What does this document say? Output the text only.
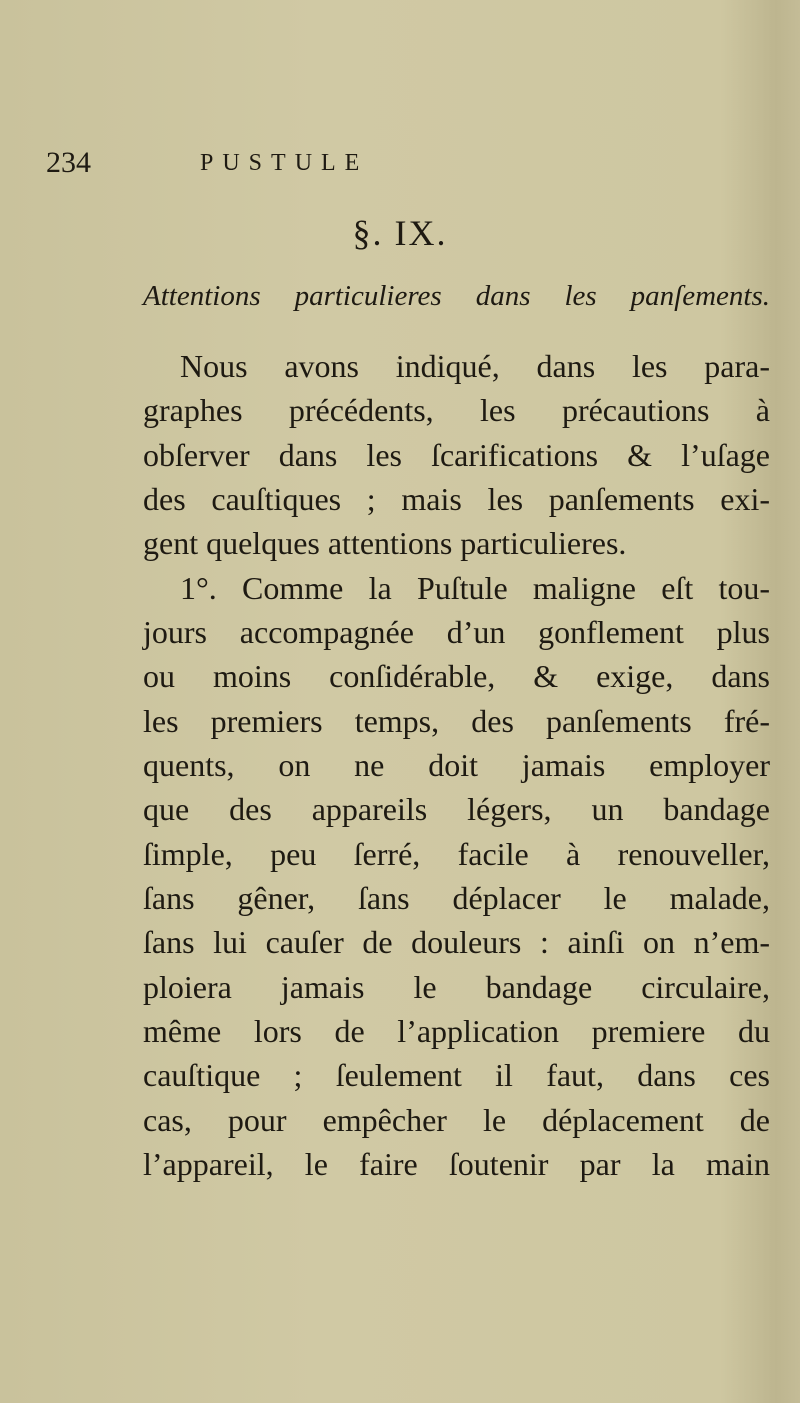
234	PUSTULE
§. IX.
Attentions particulieres dans les panſements.
Nous avons indiqué, dans les para-
graphes précédents, les précautions à
obſerver dans les ſcarifications & l’uſage
des cauſtiques ; mais les panſements exi-
gent quelques attentions particulieres.
1°. Comme la Puſtule maligne eſt tou-
jours accompagnée d’un gonflement plus
ou moins conſidérable, & exige, dans
les premiers temps, des panſements fré-
quents, on ne doit jamais employer
que des appareils légers, un bandage
ſimple, peu ſerré, facile à renouveller,
ſans gêner, ſans déplacer le malade,
ſans lui cauſer de douleurs : ainſi on n’em-
ploiera jamais le bandage circulaire,
même lors de l’application premiere du
cauſtique ; ſeulement il faut, dans ces
cas, pour empêcher le déplacement de
l’appareil, le faire ſoutenir par la main
